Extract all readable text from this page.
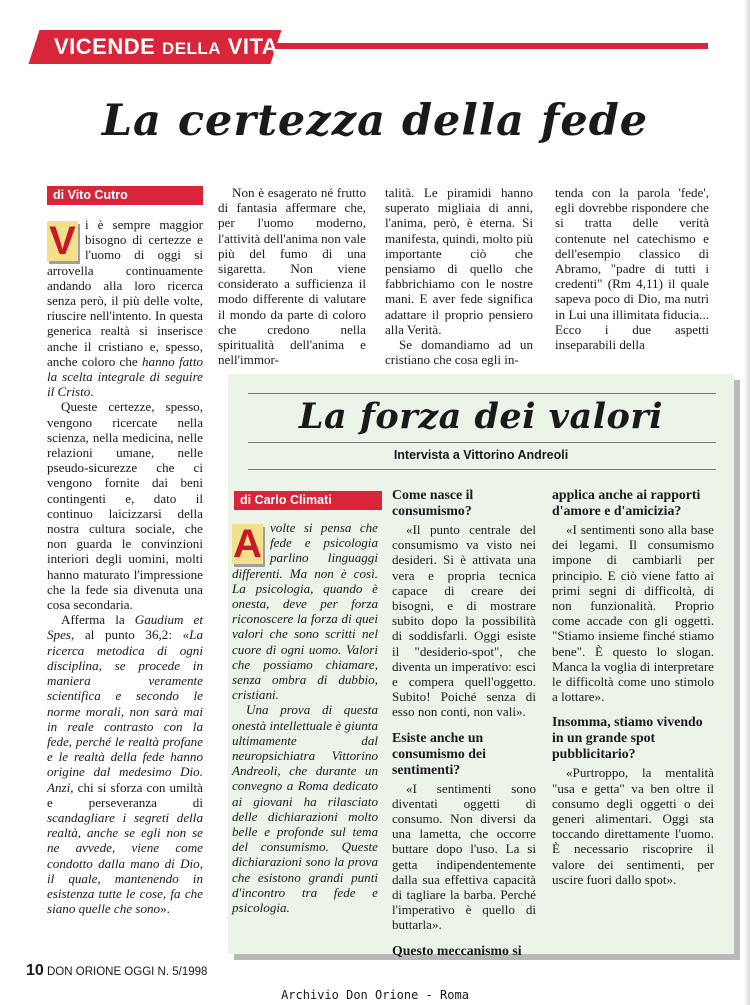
VICENDE DELLA VITA
La certezza della fede
di Vito Cutro

V i è sempre maggior bisogno di certezze e l'uomo di oggi si arrovella continuamente andando alla loro ricerca senza però, il più delle volte, riuscire nell'intento. In questa generica realtà si inserisce anche il cristiano e, spesso, anche coloro che hanno fatto la scelta integrale di seguire il Cristo.

Queste certezze, spesso, vengono ricercate nella scienza, nella medicina, nelle relazioni umane, nelle pseudo-sicurezze che ci vengono fornite dai beni contingenti e, dato il continuo laicizzarsi della nostra cultura sociale, che non guarda le convinzioni interiori degli uomini, molti hanno maturato l'impressione che la fede sia divenuta una cosa secondaria.

Afferma la Gaudium et Spes, al punto 36,2: «La ricerca metodica di ogni disciplina, se procede in maniera veramente scientifica e secondo le norme morali, non sarà mai in reale contrasto con la fede, perché le realtà profane e le realtà della fede hanno origine dal medesimo Dio. Anzi, chi si sforza con umiltà e perseveranza di scandagliare i segreti della realtà, anche se egli non se ne avvede, viene come condotto dalla mano di Dio, il quale, mantenendo in esistenza tutte le cose, fa che siano quelle che sono».

Non è esagerato né frutto di fantasia affermare che, per l'uomo moderno, l'attività dell'anima non vale più del fumo di una sigaretta. Non viene considerato a sufficienza il modo differente di valutare il mondo da parte di coloro che credono nella spiritualità dell'anima e nell'immor-

talità. Le piramidi hanno superato migliaia di anni, l'anima, però, è eterna. Si manifesta, quindi, molto più importante ciò che pensiamo di quello che fabbrichiamo con le nostre mani. E aver fede significa adattare il proprio pensiero alla Verità.

Se domandiamo ad un cristiano che cosa egli in-

tenda con la parola 'fede', egli dovrebbe rispondere che si tratta delle verità contenute nel catechismo e dell'esempio classico di Abramo, "padre di tutti i credenti" (Rm 4,11) il quale sapeva poco di Dio, ma nutrì in Lui una illimitata fiducia... Ecco i due aspetti inseparabili della

La forza dei valori
Intervista a Vittorino Andreoli
di Carlo Climati

A volte si pensa che fede e psicologia parlino linguaggi differenti. Ma non è così. La psicologia, quando è onesta, deve per forza riconoscere la forza di quei valori che sono scritti nel cuore di ogni uomo. Valori che possiamo chiamare, senza ombra di dubbio, cristiani.

Una prova di questa onestà intellettuale è giunta ultimamente dal neuropsichiatra Vittorino Andreoli, che durante un convegno a Roma dedicato ai giovani ha rilasciato delle dichiarazioni molto belle e profonde sul tema del consumismo. Queste dichiarazioni sono la prova che esistono grandi punti d'incontro tra fede e psicologia.

Come nasce il consumismo?

«Il punto centrale del consumismo va visto nei desideri. Si è attivata una vera e propria tecnica capace di creare dei bisogni, e di mostrare subito dopo la possibilità di soddisfarli. Oggi esiste il "desiderio-spot", che diventa un imperativo: esci e compera quell'oggetto. Subito! Poiché senza di esso non conti, non vali».

Esiste anche un consumismo dei sentimenti?

«I sentimenti sono diventati oggetti di consumo. Non diversi da una lametta, che occorre buttare dopo l'uso. La si getta indipendentemente dalla sua effettiva capacità di tagliare la barba. Perché l'imperativo è quello di buttarla».

Questo meccanismo si
applica anche ai rapporti d'amore e d'amicizia?

«I sentimenti sono alla base dei legami. Il consumismo impone di cambiarli per principio. E ciò viene fatto ai primi segni di difficoltà, di non funzionalità. Proprio come accade con gli oggetti. "Stiamo insieme finché stiamo bene". È questo lo slogan. Manca la voglia di interpretare le difficoltà come uno stimolo a lottare».

Insomma, stiamo vivendo in un grande spot pubblicitario?

«Purtroppo, la mentalità "usa e getta" va ben oltre il consumo degli oggetti o dei generi alimentari. Oggi sta toccando direttamente l'uomo. È necessario riscoprire il valore dei sentimenti, per uscire fuori dallo spot».

10 DON ORIONE OGGI N. 5/1998
Archivio Don Orione - Roma
